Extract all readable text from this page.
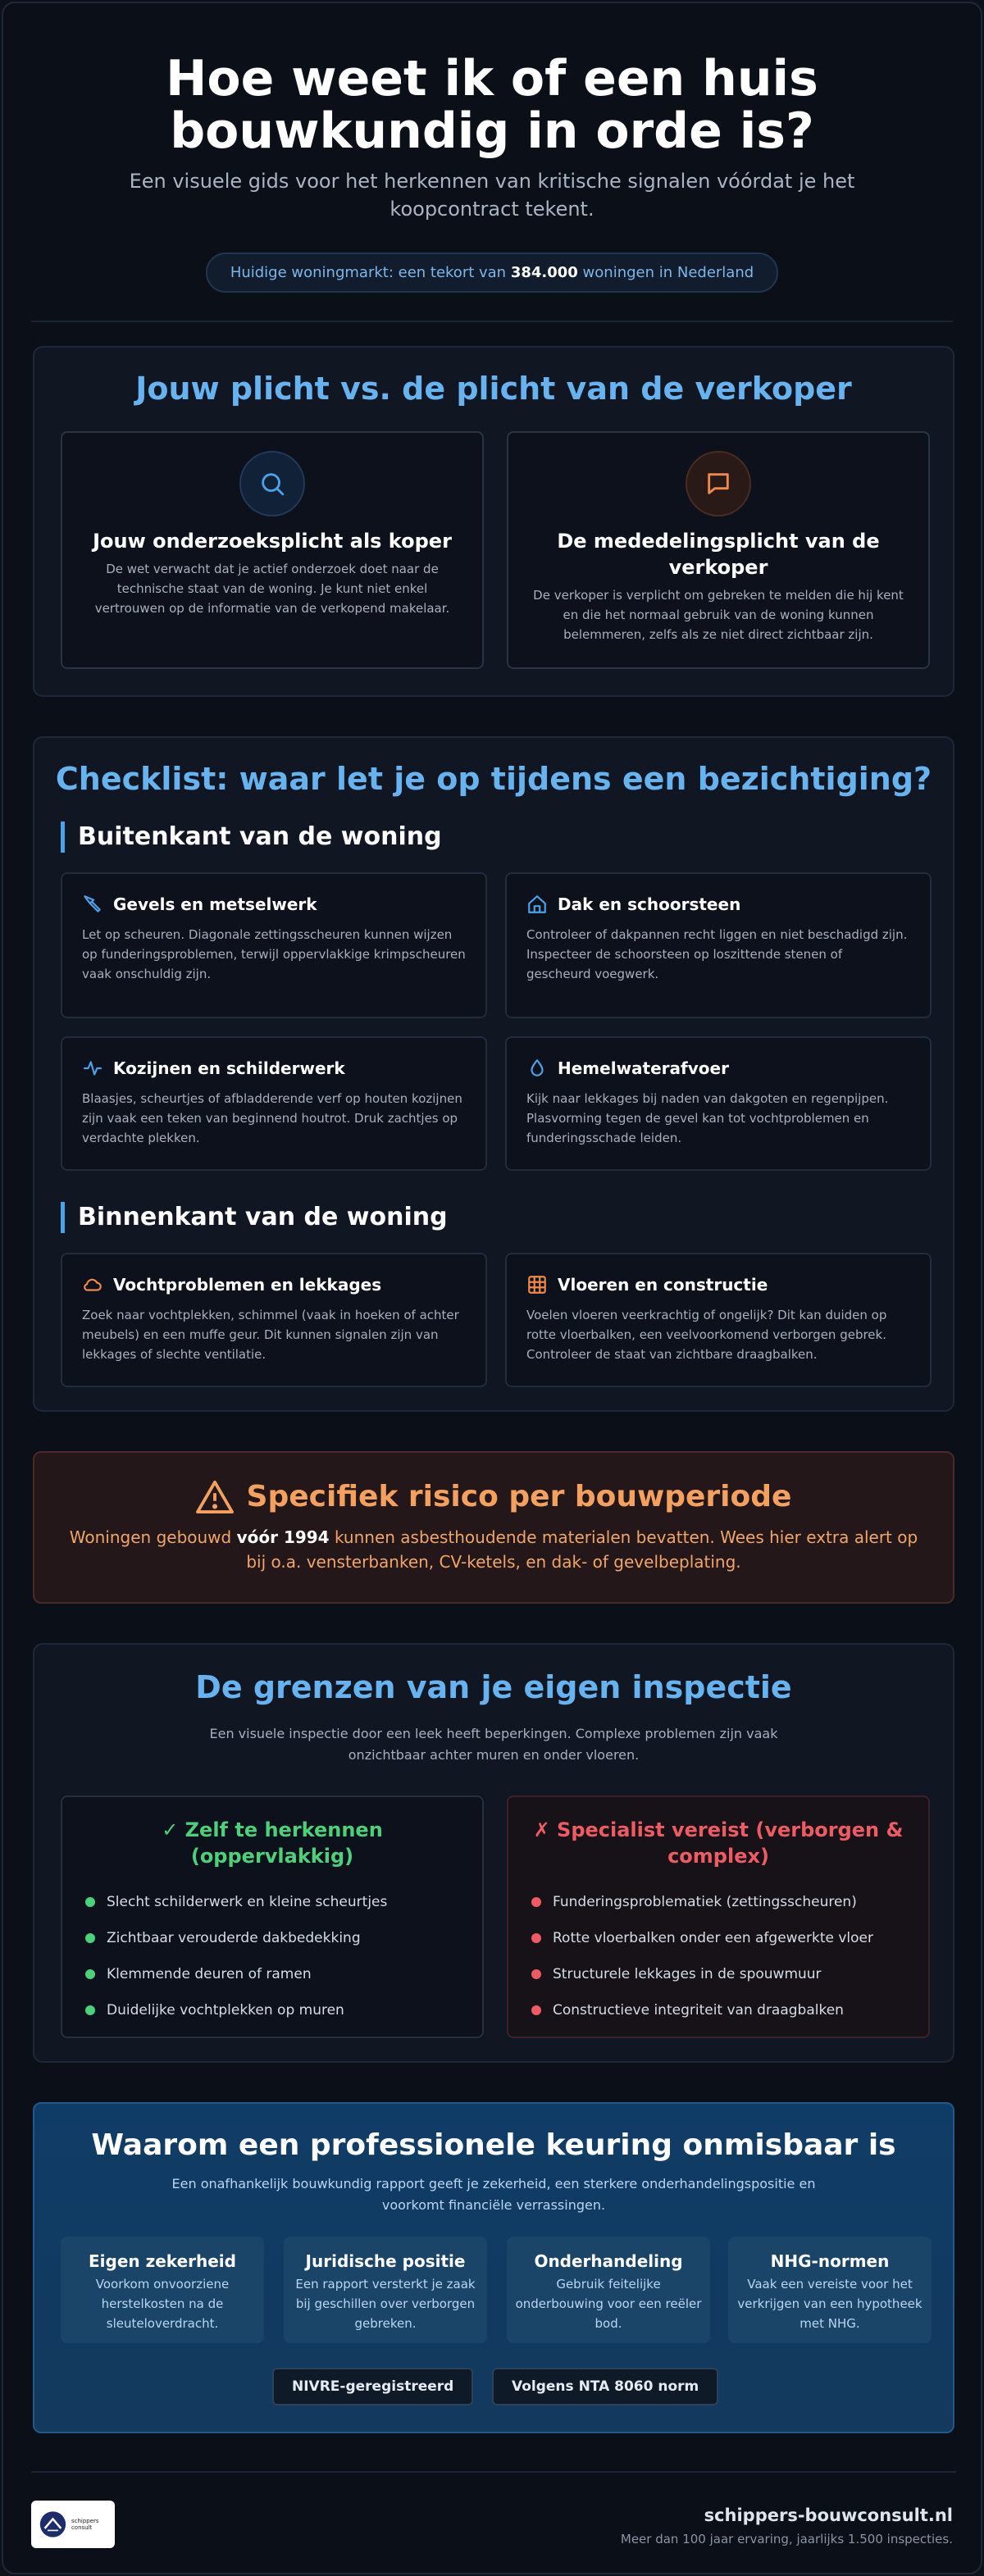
Hoe weet ik of een huis bouwkundig in orde is?

Een visuele gids voor het herkennen van kritische signalen vóórdat je het koopcontract tekent.

Huidige woningmarkt: een tekort van 384.000 woningen in Nederland
Jouw plicht vs. de plicht van de verkoper
Jouw onderzoeksplicht als koper

De wet verwacht dat je actief onderzoek doet naar de technische staat van de woning. Je kunt niet enkel vertrouwen op de informatie van de verkopend makelaar.

De mededelingsplicht van de verkoper

De verkoper is verplicht om gebreken te melden die hij kent en die het normaal gebruik van de woning kunnen belemmeren, zelfs als ze niet direct zichtbaar zijn.

Checklist: waar let je op tijdens een bezichtiging?
Buitenkant van de woning
Gevels en metselwerk

Let op scheuren. Diagonale zettingsscheuren kunnen wijzen op funderingsproblemen, terwijl oppervlakkige krimpscheuren vaak onschuldig zijn.

Dak en schoorsteen

Controleer of dakpannen recht liggen en niet beschadigd zijn. Inspecteer de schoorsteen op loszittende stenen of gescheurd voegwerk.

Kozijnen en schilderwerk

Blaasjes, scheurtjes of afbladderende verf op houten kozijnen zijn vaak een teken van beginnend houtrot. Druk zachtjes op verdachte plekken.

Hemelwaterafvoer

Kijk naar lekkages bij naden van dakgoten en regenpijpen. Plasvorming tegen de gevel kan tot vochtproblemen en funderingsschade leiden.

Binnenkant van de woning
Vochtproblemen en lekkages

Zoek naar vochtplekken, schimmel (vaak in hoeken of achter meubels) en een muffe geur. Dit kunnen signalen zijn van lekkages of slechte ventilatie.

Vloeren en constructie

Voelen vloeren veerkrachtig of ongelijk? Dit kan duiden op rotte vloerbalken, een veelvoorkomend verborgen gebrek. Controleer de staat van zichtbare draagbalken.

Specifiek risico per bouwperiode

Woningen gebouwd vóór 1994 kunnen asbesthoudende materialen bevatten. Wees hier extra alert op bij o.a. vensterbanken, CV-ketels, en dak- of gevelbeplating.

De grenzen van je eigen inspectie

Een visuele inspectie door een leek heeft beperkingen. Complexe problemen zijn vaak onzichtbaar achter muren en onder vloeren.

✓ Zelf te herkennen (oppervlakkig)
Slecht schilderwerk en kleine scheurtjes
Zichtbaar verouderde dakbedekking
Klemmende deuren of ramen
Duidelijke vochtplekken op muren
✗ Specialist vereist (verborgen & complex)
Funderingsproblematiek (zettingsscheuren)
Rotte vloerbalken onder een afgewerkte vloer
Structurele lekkages in de spouwmuur
Constructieve integriteit van draagbalken
Waarom een professionele keuring onmisbaar is

Een onafhankelijk bouwkundig rapport geeft je zekerheid, een sterkere onderhandelingspositie en voorkomt financiële verrassingen.

Eigen zekerheid
Voorkom onvoorziene herstelkosten na de sleuteloverdracht.
Juridische positie
Een rapport versterkt je zaak bij geschillen over verborgen gebreken.
Onderhandeling
Gebruik feitelijke onderbouwing voor een reëler bod.
NHG-normen
Vaak een vereiste voor het verkrijgen van een hypotheek met NHG.
NIVRE-geregistreerd	Volgens NTA 8060 norm
schippers consult
schippers-bouwconsult.nl
Meer dan 100 jaar ervaring, jaarlijks 1.500 inspecties.
